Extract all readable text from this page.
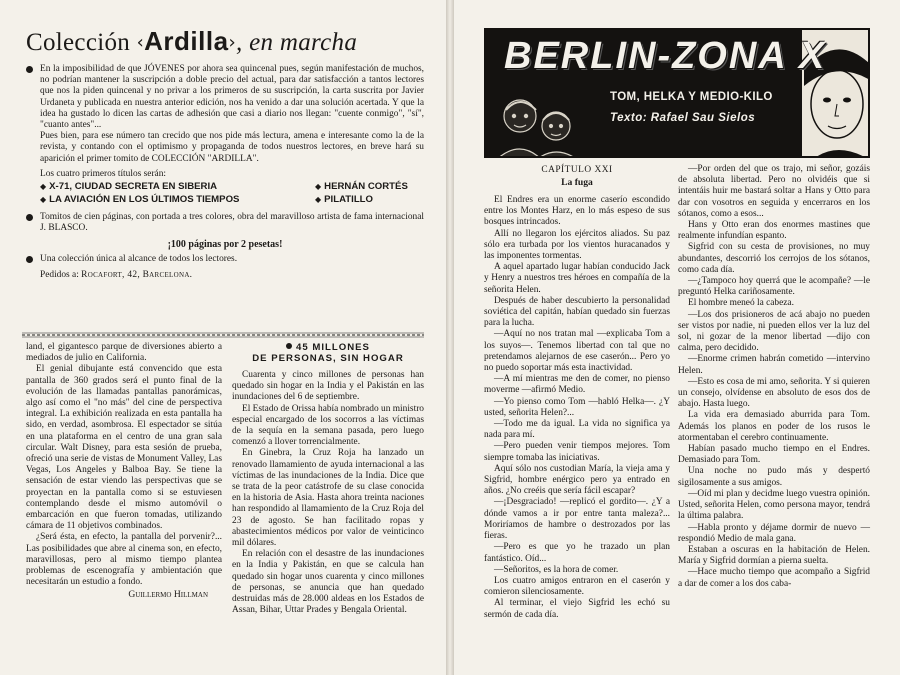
Colección ‹Ardilla›, en marcha

En la imposibilidad de que JÓVENES por ahora sea quincenal pues, según manifestación de muchos, no podrían mantener la suscripción a doble precio del actual, para dar satisfacción a tantos lectores que nos la piden quincenal y no privar a los primeros de su suscripción, la carta suscrita por Javier Urdaneta y publicada en nuestra anterior edición, nos ha venido a dar una solución acertada. Y que la idea ha gustado lo dicen las cartas de adhesión que casi a diario nos llegan: "cuente conmigo", "sí", "cuanto antes"...

Pues bien, para ese número tan crecido que nos pide más lectura, amena e interesante como la de la revista, y contando con el optimismo y propaganda de todos nuestros lectores, en breve hará su aparición el primer tomito de COLECCIÓN "ARDILLA".

Los cuatro primeros títulos serán:
◆ X-71, CIUDAD SECRETA EN SIBERIA	◆ HERNÁN CORTÉS
◆ LA AVIACIÓN EN LOS ÚLTIMOS TIEMPOS	◆ PILATILLO

Tomitos de cien páginas, con portada a tres colores, obra del maravilloso artista de fama internacional J. BLASCO.

¡100 páginas por 2 pesetas!

Una colección única al alcance de todos los lectores.

Pedidos a: Rocafort, 42, Barcelona.

land, el gigantesco parque de diversiones abierto a mediados de julio en California.

El genial dibujante está convencido que esta pantalla de 360 grados será el punto final de la evolución de las llamadas pantallas panorámicas, algo así como el "no más" del cine de perspectiva integral. La exhibición realizada en esta pantalla ha sido, en verdad, asombrosa. El espectador se sitúa en una plataforma en el centro de una gran sala circular. Walt Disney, para esta sesión de prueba, ofreció una serie de vistas de Monument Valley, Las Vegas, Los Angeles y Balboa Bay. Se tiene la sensación de estar viendo las perspectivas que se proyectan en la pantalla como si se estuviesen contemplando desde el mismo automóvil o embarcación en que fueron tomadas, utilizando cámara de 11 objetivos combinados.

¿Será ésta, en efecto, la pantalla del porvenir?... Las posibilidades que abre al cinema son, en efecto, maravillosas, pero al mismo tiempo plantea problemas de escenografía y ambientación que necesitarán un estudio a fondo.

Guillermo Hillman
45 MILLONES
DE PERSONAS, SIN HOGAR

Cuarenta y cinco millones de personas han quedado sin hogar en la India y el Pakistán en las inundaciones del 6 de septiembre.

El Estado de Orissa había nombrado un ministro especial encargado de los socorros a las víctimas de la sequía en la semana pasada, pero luego comenzó a llover torrencialmente.

En Ginebra, la Cruz Roja ha lanzado un renovado llamamiento de ayuda internacional a las víctimas de las inundaciones de la India. Dice que se trata de la peor catástrofe de su clase conocida en la historia de Asia. Hasta ahora treinta naciones han respondido al llamamiento de la Cruz Roja del 23 de agosto. Se han facilitado ropas y abastecimientos médicos por valor de veinticinco mil dólares.

En relación con el desastre de las inundaciones en la India y Pakistán, en que se calcula han quedado sin hogar unos cuarenta y cinco millones de personas, se anuncia que han quedado destruidas más de 28.000 aldeas en los Estados de Assan, Bihar, Uttar Prades y Bengala Oriental.

BERLIN-ZONA X
TOM, HELKA Y MEDIO-KILO
Texto: Rafael Sau Sielos
CAPÍTULO XXI
La fuga

El Endres era un enorme caserío escondido entre los Montes Harz, en lo más espeso de sus bosques intrincados.

Allí no llegaron los ejércitos aliados. Su paz sólo era turbada por los vientos huracanados y las imponentes tormentas.

A aquel apartado lugar habían conducido Jack y Henry a nuestros tres héroes en compañía de la señorita Helen.

Después de haber descubierto la personalidad soviética del capitán, habían quedado sin fuerzas para la lucha.

—Aquí no nos tratan mal —explicaba Tom a los suyos—. Tenemos libertad con tal que no pretendamos alejarnos de ese caserón... Pero yo no puedo soportar más esta inactividad.

—A mí mientras me den de comer, no pienso moverme —afirmó Medio.

—Yo pienso como Tom —habló Helka—. ¿Y usted, señorita Helen?...

—Todo me da igual. La vida no significa ya nada para mí.

—Pero pueden venir tiempos mejores. Tom siempre tomaba las iniciativas.

Aquí sólo nos custodian María, la vieja ama y Sigfrid, hombre enérgico pero ya entrado en años. ¿No creéis que sería fácil escapar?

—¡Desgraciado! —replicó el gordito—. ¿Y a dónde vamos a ir por entre tanta maleza?... Moriríamos de hambre o destrozados por las fieras.

—Pero es que yo he trazado un plan fantástico. Oíd...

—Señoritos, es la hora de comer.

Los cuatro amigos entraron en el caserón y comieron silenciosamente.

Al terminar, el viejo Sigfrid les echó su sermón de cada día.

—Por orden del que os trajo, mi señor, gozáis de absoluta libertad. Pero no olvidéis que si intentáis huir me bastará soltar a Hans y Otto para dar con vosotros en seguida y encerraros en los sótanos, como a esos...

Hans y Otto eran dos enormes mastines que realmente infundían espanto.

Sigfrid con su cesta de provisiones, no muy abundantes, descorrió los cerrojos de los sótanos, como cada día.

—¿Tampoco hoy querrá que le acompañe? —le preguntó Helka cariñosamente.

El hombre meneó la cabeza.

—Los dos prisioneros de acá abajo no pueden ser vistos por nadie, ni pueden ellos ver la luz del sol, ni gozar de la menor libertad —dijo con calma, pero decidido.

—Enorme crimen habrán cometido —intervino Helen.

—Esto es cosa de mi amo, señorita. Y si quieren un consejo, olvídense en absoluto de esos dos de abajo. Hasta luego.

La vida era demasiado aburrida para Tom. Además los planos en poder de los rusos le atormentaban el cerebro continuamente.

Habían pasado mucho tiempo en el Endres. Demasiado para Tom.

Una noche no pudo más y despertó sigilosamente a sus amigos.

—Oíd mi plan y decidme luego vuestra opinión. Usted, señorita Helen, como persona mayor, tendrá la última palabra.

—Habla pronto y déjame dormir de nuevo —respondió Medio de mala gana.

Estaban a oscuras en la habitación de Helen. María y Sigfrid dormían a pierna suelta.

—Hace mucho tiempo que acompaño a Sigfrid a dar de comer a los dos caba-
